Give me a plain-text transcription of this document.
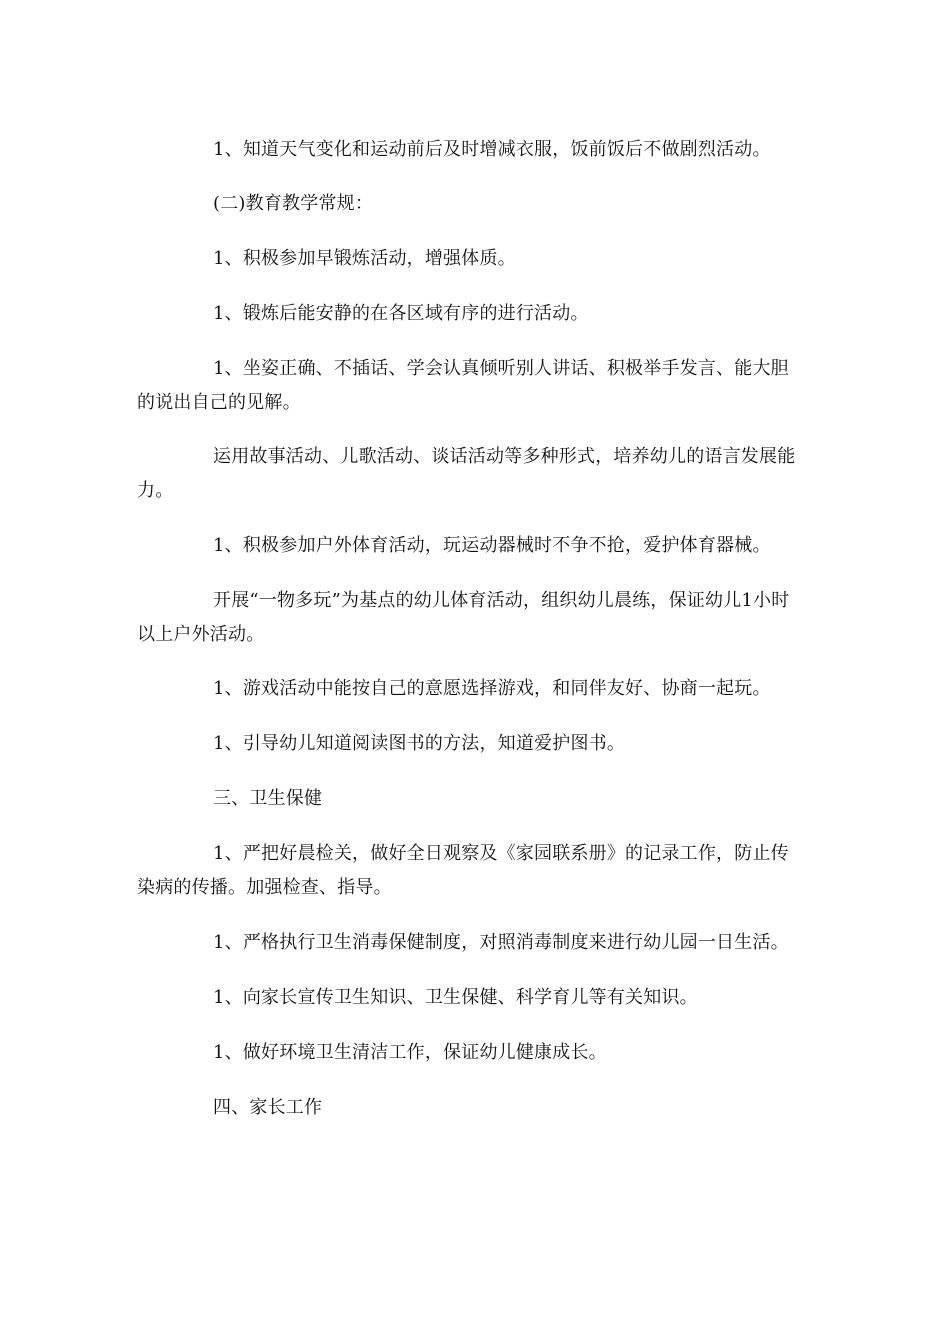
1、知道天气变化和运动前后及时增减衣服，饭前饭后不做剧烈活动。

(二)教育教学常规：

1、积极参加早锻炼活动，增强体质。

1、锻炼后能安静的在各区域有序的进行活动。

1、坐姿正确、不插话、学会认真倾听别人讲话、积极举手发言、能大胆的说出自己的见解。

运用故事活动、儿歌活动、谈话活动等多种形式，培养幼儿的语言发展能力。

1、积极参加户外体育活动，玩运动器械时不争不抢，爱护体育器械。

开展“一物多玩”为基点的幼儿体育活动，组织幼儿晨练，保证幼儿1小时以上户外活动。

1、游戏活动中能按自己的意愿选择游戏，和同伴友好、协商一起玩。

1、引导幼儿知道阅读图书的方法，知道爱护图书。

三、卫生保健

1、严把好晨检关，做好全日观察及《家园联系册》的记录工作，防止传染病的传播。加强检查、指导。

1、严格执行卫生消毒保健制度，对照消毒制度来进行幼儿园一日生活。

1、向家长宣传卫生知识、卫生保健、科学育儿等有关知识。

1、做好环境卫生清洁工作，保证幼儿健康成长。

四、家长工作
